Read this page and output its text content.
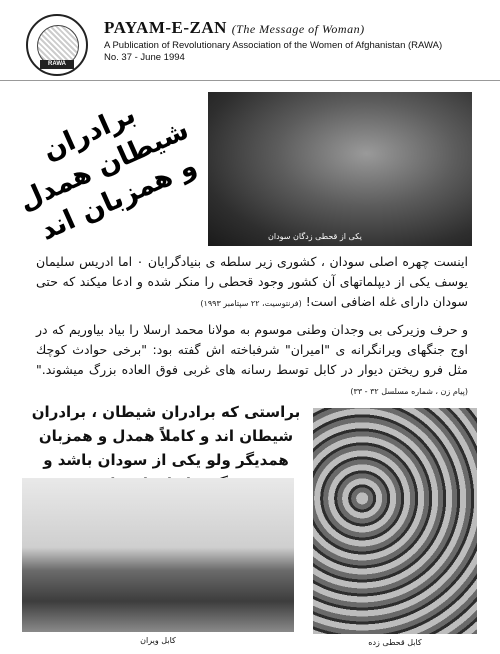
RAWA
PAYAM-E-ZAN (The Message of Woman)
A Publication of Revolutionary Association of the Women of Afghanistan (RAWA)
No. 37 - June 1994
برادران شیطان همدل و همزبان اند	یکی از قحطی زدگان سودان
اینست چهره اصلی سودان ، کشوری زیر سلطه ی بنیادگرایان ۰ اما ادریس سلیمان یوسف یکی از دیپلماتهای آن کشور وجود قحطی را منکر شده و ادعا میکند که حتی سودان دارای غله اضافی است! (فرنتوسیت، ۲۲ سپتامبر ۱۹۹۳)
و حرف وزیرکی بی وجدان وطنی موسوم به مولانا محمد ارسلا را بیاد بیاوریم که در اوج جنگهای ویرانگرانه ی "امیران" شرفباخته اش گفته بود: "برخی حوادث کوچك مثل فرو ریختن دیوار در کابل توسط رسانه های غربی فوق العاده بزرگ میشوند." (پیام زن ، شماره مسلسل ۳۲ - ۳۳)
براستی که برادران شیطان ، برادران شیطان اند و کاملاً همدل و همزبان همدیگر ولو یکی از سودان باشد و
کابل ویران	کابل قحطی زده
